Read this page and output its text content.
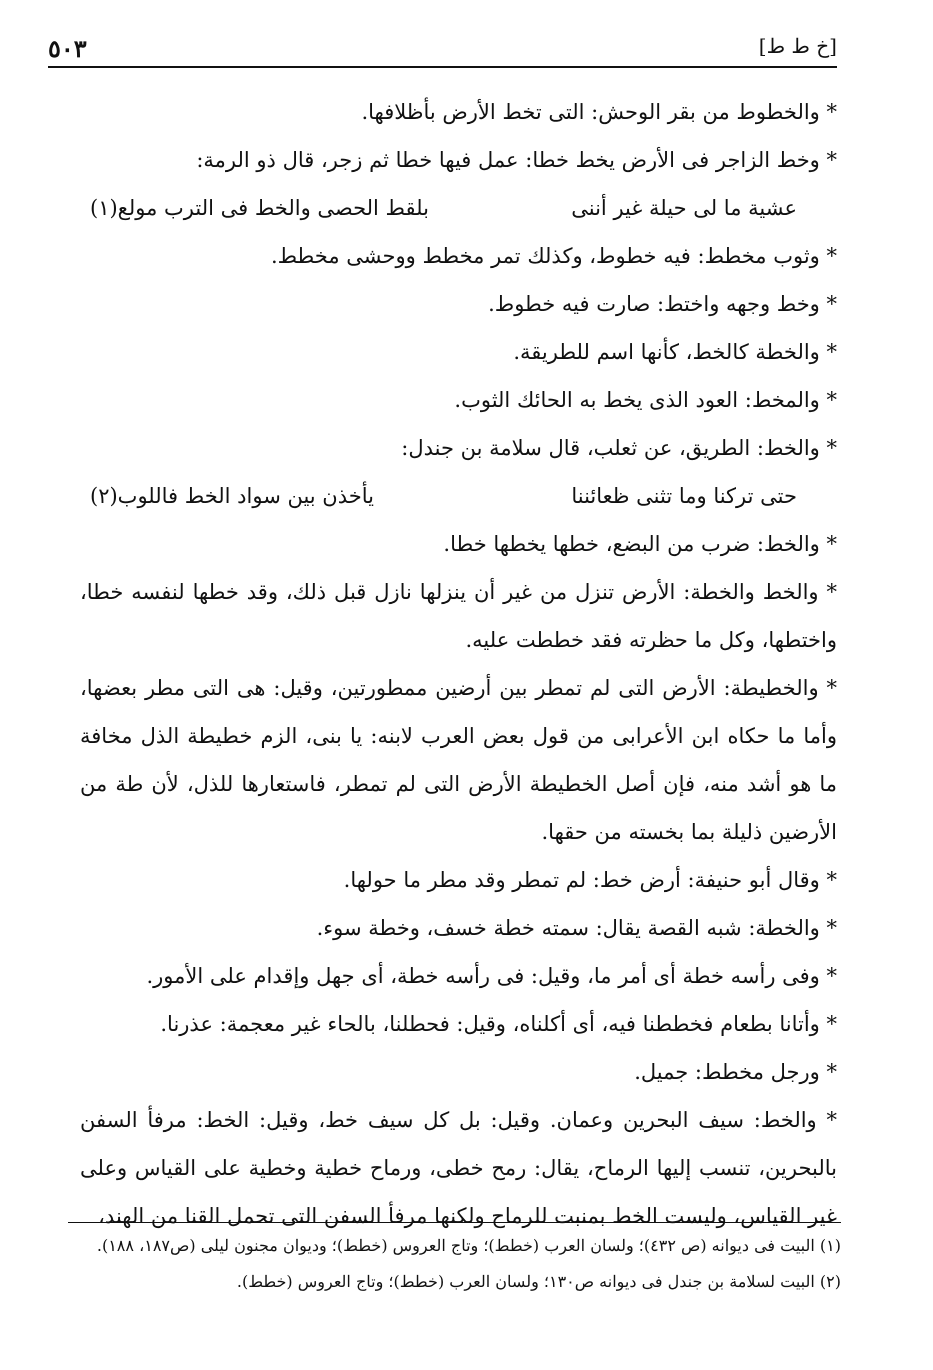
٥٠٣	[خ ط ط]

* والخطوط من بقر الوحش: التى تخط الأرض بأظلافها.

* وخط الزاجر فى الأرض يخط خطا: عمل فيها خطا ثم زجر، قال ذو الرمة:

عشية ما لى حيلة غير أننى
بلقط الحصى والخط فى الترب مولع(١)

* وثوب مخطط: فيه خطوط، وكذلك تمر مخطط ووحشى مخطط.

* وخط وجهه واختط: صارت فيه خطوط.

* والخطة كالخط، كأنها اسم للطريقة.

* والمخط: العود الذى يخط به الحائك الثوب.

* والخط: الطريق، عن ثعلب، قال سلامة بن جندل:

حتى تركنا وما تثنى ظعائننا
يأخذن بين سواد الخط فاللوب(٢)

* والخط: ضرب من البضع، خطها يخطها خطا.

* والخط والخطة: الأرض تنزل من غير أن ينزلها نازل قبل ذلك، وقد خطها لنفسه خطا، واختطها، وكل ما حظرته فقد خططت عليه.

* والخطيطة: الأرض التى لم تمطر بين أرضين ممطورتين، وقيل: هى التى مطر بعضها، وأما ما حكاه ابن الأعرابى من قول بعض العرب لابنه: يا بنى، الزم خطيطة الذل مخافة ما هو أشد منه، فإن أصل الخطيطة الأرض التى لم تمطر، فاستعارها للذل، لأن طة من الأرضين ذليلة بما بخسته من حقها.

* وقال أبو حنيفة: أرض خط: لم تمطر وقد مطر ما حولها.

* والخطة: شبه القصة يقال: سمته خطة خسف، وخطة سوء.

* وفى رأسه خطة أى أمر ما، وقيل: فى رأسه خطة، أى جهل وإقدام على الأمور.

* وأتانا بطعام فخططنا فيه، أى أكلناه، وقيل: فحطلنا، بالحاء غير معجمة: عذرنا.

* ورجل مخطط: جميل.

* والخط: سيف البحرين وعمان. وقيل: بل كل سيف خط، وقيل: الخط: مرفأ السفن بالبحرين، تنسب إليها الرماح، يقال: رمح خطى، ورماح خطية وخطية على القياس وعلى غير القياس، وليست الخط بمنبت للرماح ولكنها مرفأ السفن التى تحمل القنا من الهند،

(١) البيت فى ديوانه (ص ٤٣٢)؛ ولسان العرب (خطط)؛ وتاج العروس (خطط)؛ وديوان مجنون ليلى (ص١٨٧، ١٨٨).

(٢) البيت لسلامة بن جندل فى ديوانه ص١٣٠؛ ولسان العرب (خطط)؛ وتاج العروس (خطط).
